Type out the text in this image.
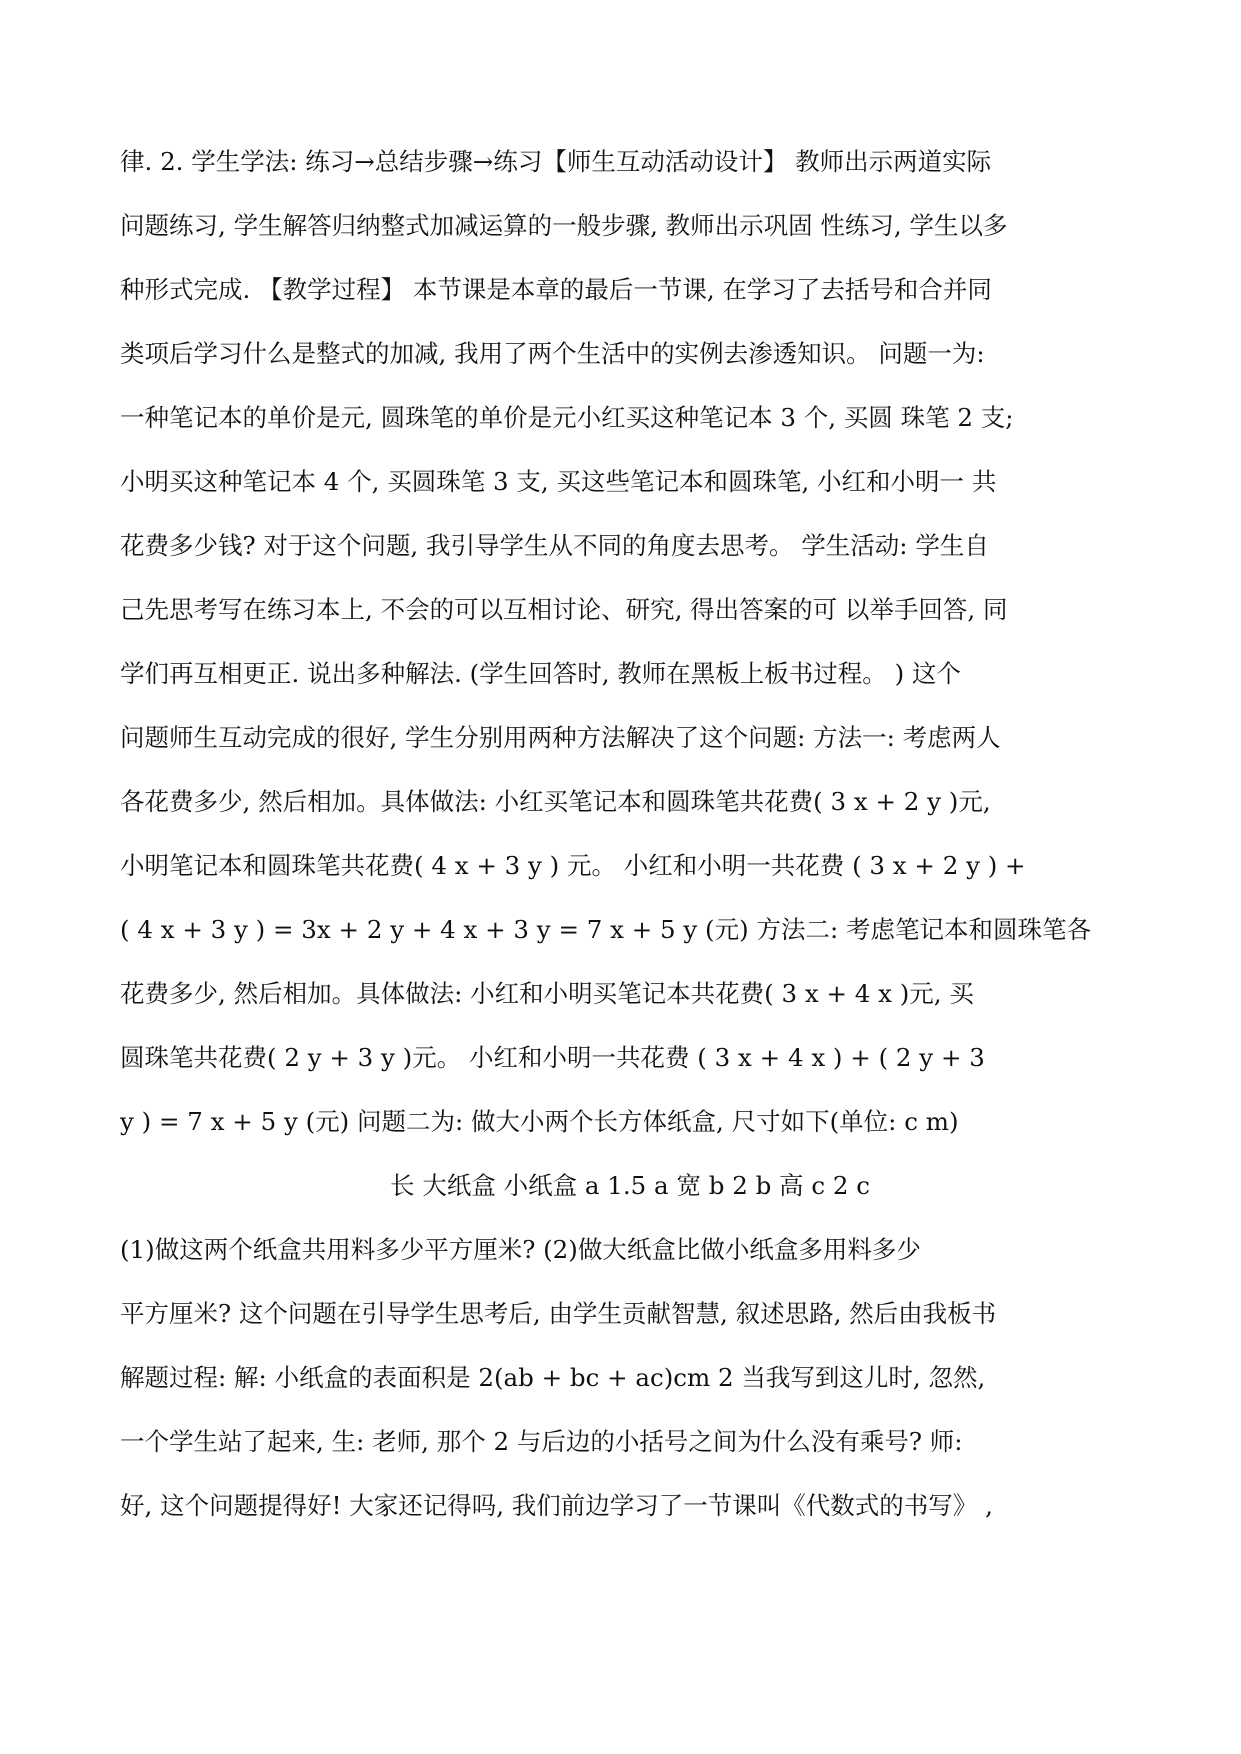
律. 2. 学生学法: 练习→总结步骤→练习【师生互动活动设计】 教师出示两道实际
问题练习, 学生解答归纳整式加减运算的一般步骤, 教师出示巩固 性练习, 学生以多
种形式完成. 【教学过程】 本节课是本章的最后一节课, 在学习了去括号和合并同
类项后学习什么是整式的加减, 我用了两个生活中的实例去渗透知识。 问题一为:
一种笔记本的单价是元, 圆珠笔的单价是元小红买这种笔记本 3 个, 买圆 珠笔 2 支;
小明买这种笔记本 4 个, 买圆珠笔 3 支, 买这些笔记本和圆珠笔, 小红和小明一 共
花费多少钱? 对于这个问题, 我引导学生从不同的角度去思考。 学生活动: 学生自
己先思考写在练习本上, 不会的可以互相讨论、研究, 得出答案的可 以举手回答, 同
学们再互相更正. 说出多种解法. (学生回答时, 教师在黑板上板书过程。 ) 这个
问题师生互动完成的很好, 学生分别用两种方法解决了这个问题: 方法一: 考虑两人
各花费多少, 然后相加。具体做法: 小红买笔记本和圆珠笔共花费( 3 x + 2 y )元,
小明笔记本和圆珠笔共花费( 4 x + 3 y ) 元。 小红和小明一共花费 ( 3 x + 2 y ) +
( 4 x + 3 y ) = 3x + 2 y + 4 x + 3 y = 7 x + 5 y (元) 方法二: 考虑笔记本和圆珠笔各
花费多少, 然后相加。具体做法: 小红和小明买笔记本共花费( 3 x + 4 x )元, 买
圆珠笔共花费( 2 y + 3 y )元。 小红和小明一共花费 ( 3 x + 4 x ) + ( 2 y + 3
y ) = 7 x + 5 y (元) 问题二为: 做大小两个长方体纸盒, 尺寸如下(单位: c m)
长 大纸盒 小纸盒 a 1.5 a 宽 b 2 b 高 c 2 c
(1)做这两个纸盒共用料多少平方厘米? (2)做大纸盒比做小纸盒多用料多少
平方厘米? 这个问题在引导学生思考后, 由学生贡献智慧, 叙述思路, 然后由我板书
解题过程: 解: 小纸盒的表面积是 2(ab + bc + ac)cm 2 当我写到这儿时, 忽然,
一个学生站了起来, 生: 老师, 那个 2 与后边的小括号之间为什么没有乘号? 师:
好, 这个问题提得好! 大家还记得吗, 我们前边学习了一节课叫《代数式的书写》 ,
